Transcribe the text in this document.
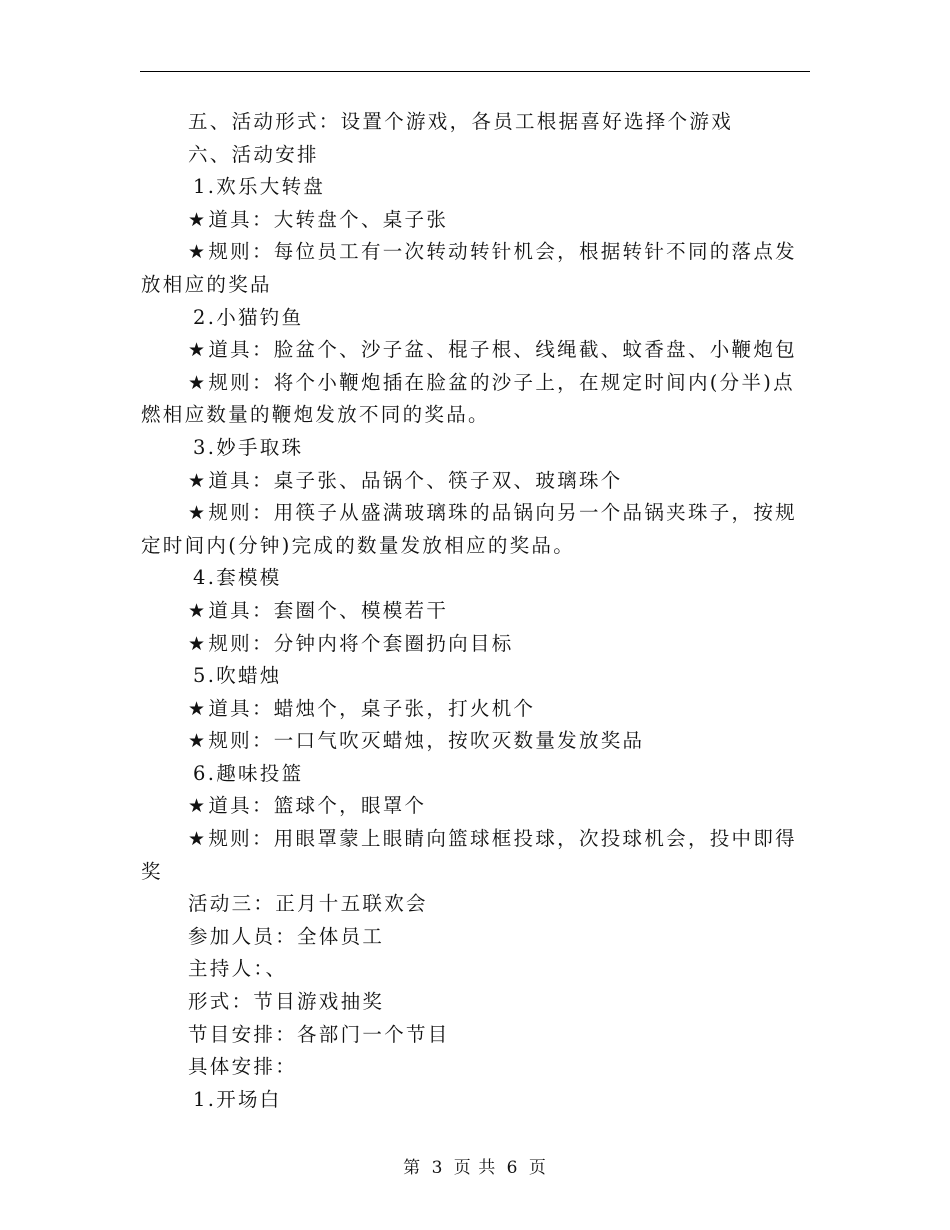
五、活动形式：设置个游戏，各员工根据喜好选择个游戏
六、活动安排
1.欢乐大转盘
★道具：大转盘个、桌子张
★规则：每位员工有一次转动转针机会，根据转针不同的落点发
放相应的奖品
2.小猫钓鱼
★道具：脸盆个、沙子盆、棍子根、线绳截、蚊香盘、小鞭炮包
★规则：将个小鞭炮插在脸盆的沙子上，在规定时间内(分半)点
燃相应数量的鞭炮发放不同的奖品。
3.妙手取珠
★道具：桌子张、品锅个、筷子双、玻璃珠个
★规则：用筷子从盛满玻璃珠的品锅向另一个品锅夹珠子，按规
定时间内(分钟)完成的数量发放相应的奖品。
4.套模模
★道具：套圈个、模模若干
★规则：分钟内将个套圈扔向目标
5.吹蜡烛
★道具：蜡烛个，桌子张，打火机个
★规则：一口气吹灭蜡烛，按吹灭数量发放奖品
6.趣味投篮
★道具：篮球个，眼罩个
★规则：用眼罩蒙上眼睛向篮球框投球，次投球机会，投中即得
奖
活动三：正月十五联欢会
参加人员：全体员工
主持人：、
形式：节目游戏抽奖
节目安排：各部门一个节目
具体安排：
1.开场白
第 3 页 共 6 页
